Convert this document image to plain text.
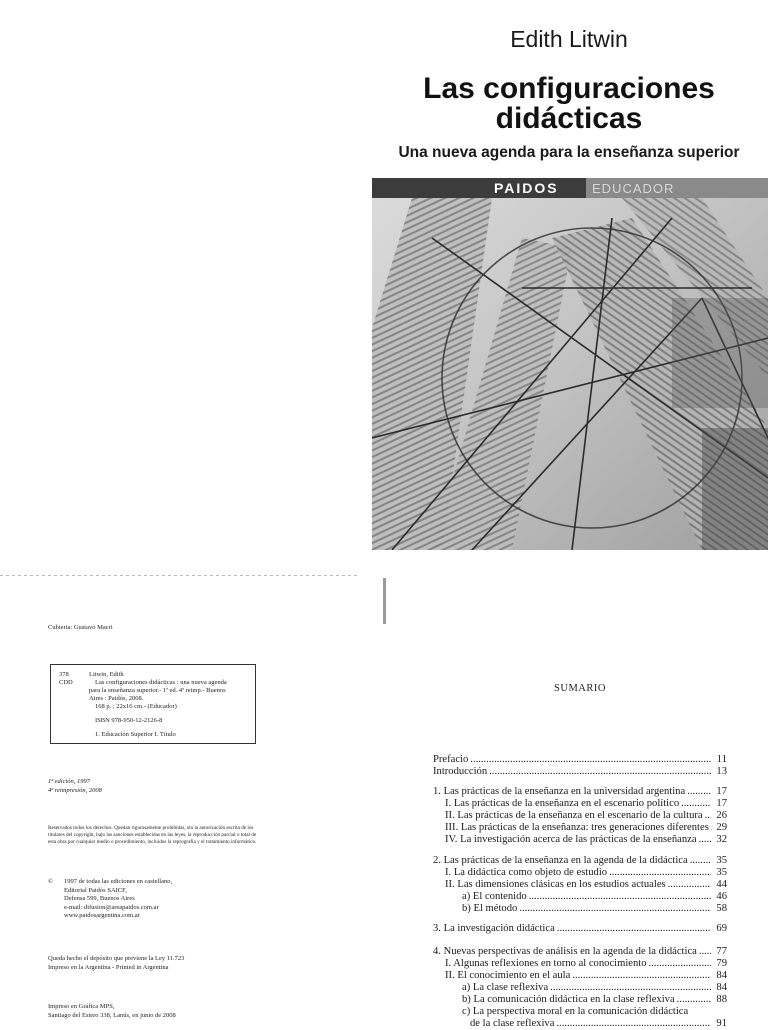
Edith Litwin
Las configuraciones
didácticas
Una nueva agenda para la enseñanza superior
PAIDOS	EDUCADOR
Cubierta: Gustavo Macri
378
CDD
Litwin, Edith
Las configuraciones didácticas : una nueva agenda
para la enseñanza superior.- 1ª ed. 4ª reimp.- Buenos
Aires : Paidós, 2008.
168 p. ; 22x16 cm.- (Educador)
ISBN 978-950-12-2126-8
1. Educación Superior I. Título
1ª edición, 1997
4ª reimpresión, 2008
Reservados todos los derechos. Quedan rigurosamente prohibidas, sin la autorización escrita de los titulares del copyright, bajo las sanciones establecidas en las leyes, la reproducción parcial o total de esta obra por cualquier medio o procedimiento, incluidos la reprografía y el tratamiento informático.
© 1997 de todas las ediciones en castellano,
Editorial Paidós SAICF,
Defensa 599, Buenos Aires
e-mail: difusion@areapaidos.com.ar
www.paidosargentina.com.ar
Queda hecho el depósito que previene la Ley 11.723
Impreso en la Argentina - Printed in Argentina
Impreso en Gráfica MPS,
Santiago del Estero 338, Lanús, en junio de 2008
SUMARIO
Prefacio .....	11
Introducción .....	13
1. Las prácticas de la enseñanza en la universidad argentina .....	17
I. Las prácticas de la enseñanza en el escenario político .....	17
II. Las prácticas de la enseñanza en el escenario de la cultura .....	26
III. Las prácticas de la enseñanza: tres generaciones diferentes ..... 29
IV. La investigación acerca de las prácticas de la enseñanza .....	32
2. Las prácticas de la enseñanza en la agenda de la didáctica .....	35
I. La didáctica como objeto de estudio .....	35
II. Las dimensiones clásicas en los estudios actuales .....	44
a) El contenido .....	46
b) El método .....	58
3. La investigación didáctica .....	69
4. Nuevas perspectivas de análisis en la agenda de la didáctica .....	77
I. Algunas reflexiones en torno al conocimiento .....	79
II. El conocimiento en el aula .....	84
a) La clase reflexiva .....	84
b) La comunicación didáctica en la clase reflexiva .....	88
c) La perspectiva moral en la comunicación didáctica
de la clase reflexiva .....	91
